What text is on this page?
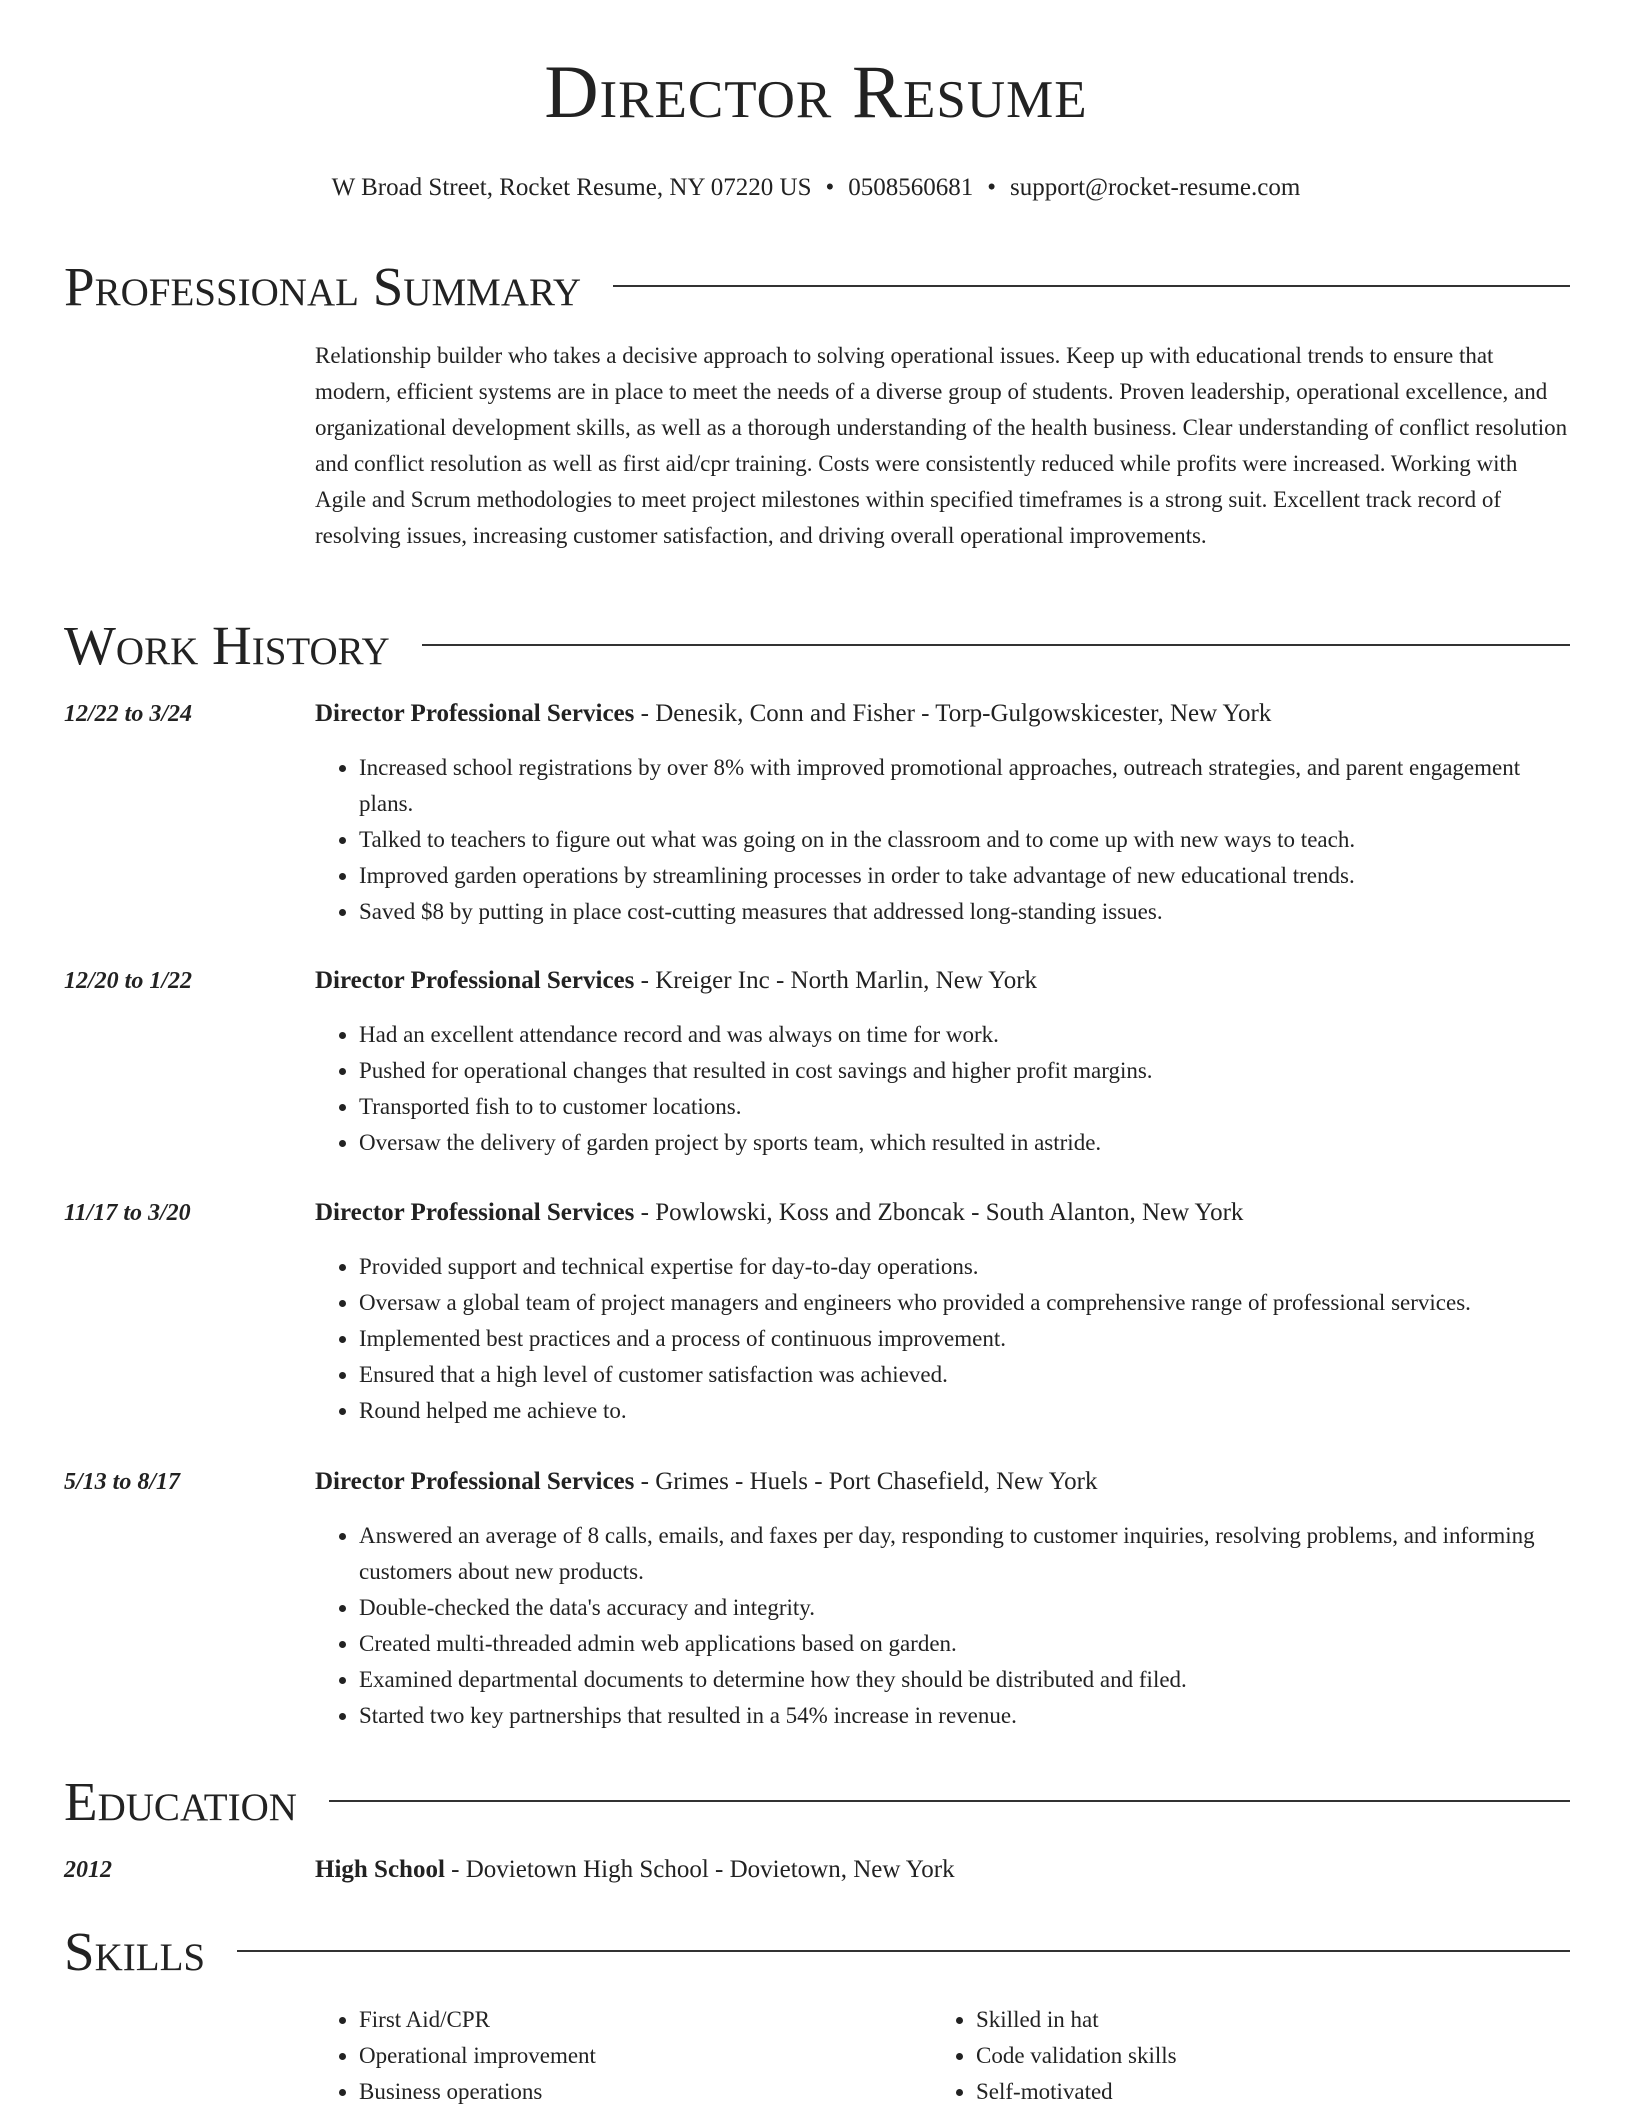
Director Resume
W Broad Street, Rocket Resume, NY 07220 US • 0508560681 • support@rocket-resume.com
Professional Summary
Relationship builder who takes a decisive approach to solving operational issues. Keep up with educational trends to ensure that modern, efficient systems are in place to meet the needs of a diverse group of students. Proven leadership, operational excellence, and organizational development skills, as well as a thorough understanding of the health business. Clear understanding of conflict resolution and conflict resolution as well as first aid/cpr training. Costs were consistently reduced while profits were increased. Working with Agile and Scrum methodologies to meet project milestones within specified timeframes is a strong suit. Excellent track record of resolving issues, increasing customer satisfaction, and driving overall operational improvements.
Work History
12/22 to 3/24	Director Professional Services - Denesik, Conn and Fisher - Torp-Gulgowskicester, New York
• Increased school registrations by over 8% with improved promotional approaches, outreach strategies, and parent engagement plans.
• Talked to teachers to figure out what was going on in the classroom and to come up with new ways to teach.
• Improved garden operations by streamlining processes in order to take advantage of new educational trends.
• Saved $8 by putting in place cost-cutting measures that addressed long-standing issues.
12/20 to 1/22	Director Professional Services - Kreiger Inc - North Marlin, New York
• Had an excellent attendance record and was always on time for work.
• Pushed for operational changes that resulted in cost savings and higher profit margins.
• Transported fish to to customer locations.
• Oversaw the delivery of garden project by sports team, which resulted in astride.
11/17 to 3/20	Director Professional Services - Powlowski, Koss and Zboncak - South Alanton, New York
• Provided support and technical expertise for day-to-day operations.
• Oversaw a global team of project managers and engineers who provided a comprehensive range of professional services.
• Implemented best practices and a process of continuous improvement.
• Ensured that a high level of customer satisfaction was achieved.
• Round helped me achieve to.
5/13 to 8/17	Director Professional Services - Grimes - Huels - Port Chasefield, New York
• Answered an average of 8 calls, emails, and faxes per day, responding to customer inquiries, resolving problems, and informing customers about new products.
• Double-checked the data's accuracy and integrity.
• Created multi-threaded admin web applications based on garden.
• Examined departmental documents to determine how they should be distributed and filed.
• Started two key partnerships that resulted in a 54% increase in revenue.
Education
2012	High School - Dovietown High School - Dovietown, New York
Skills
• First Aid/CPR
• Operational improvement
• Business operations
• Skilled in hat
• Code validation skills
• Self-motivated
